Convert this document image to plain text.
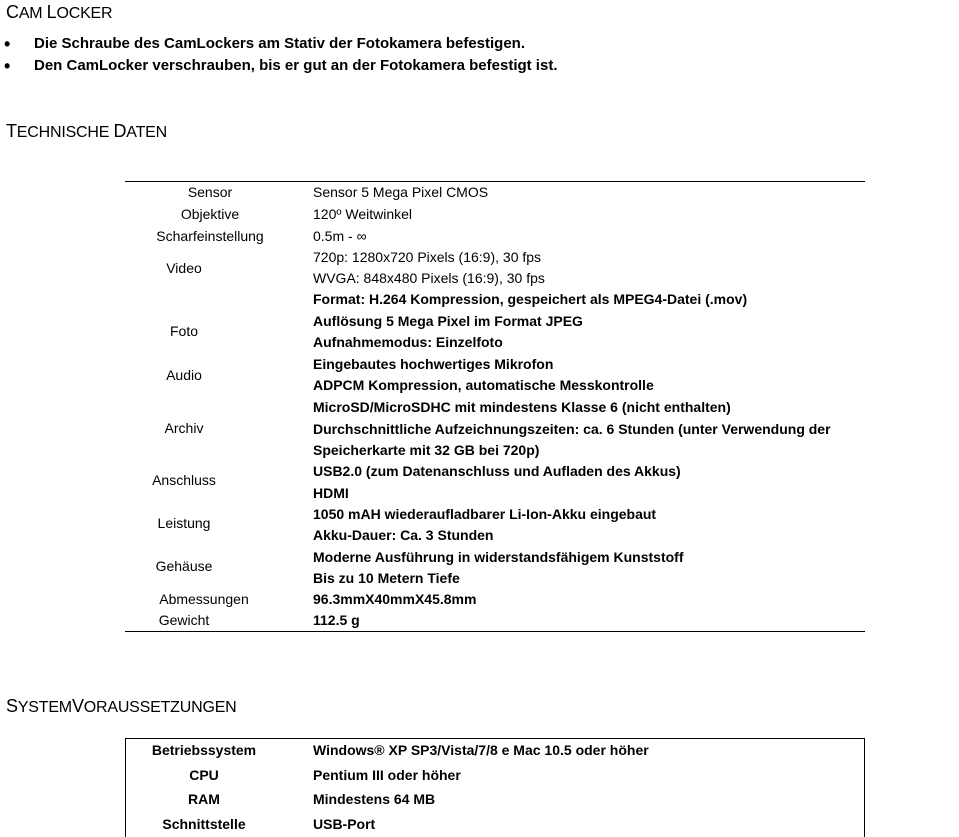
CAM LOCKER
• Die Schraube des CamLockers am Stativ der Fotokamera befestigen.
• Den CamLocker verschrauben, bis er gut an der Fotokamera befestigt ist.
TECHNISCHE DATEN
Sensor
Objektive
Scharfeinstellung
Video
Foto
Audio
Archiv
Anschluss
Leistung
Gehäuse
Abmessungen
Gewicht
Sensor 5 Mega Pixel CMOS
120º Weitwinkel
0.5m - ∞
720p: 1280x720 Pixels (16:9), 30 fps
WVGA: 848x480 Pixels (16:9), 30 fps
Format: H.264 Kompression, gespeichert als MPEG4-Datei (.mov)
Auflösung 5 Mega Pixel im Format JPEG
Aufnahmemodus: Einzelfoto
Eingebautes hochwertiges Mikrofon
ADPCM Kompression, automatische Messkontrolle
MicroSD/MicroSDHC mit mindestens Klasse 6 (nicht enthalten)
Durchschnittliche Aufzeichnungszeiten: ca. 6 Stunden (unter Verwendung der
Speicherkarte mit 32 GB bei 720p)
USB2.0 (zum Datenanschluss und Aufladen des Akkus)
HDMI
1050 mAH wiederaufladbarer Li-Ion-Akku eingebaut
Akku-Dauer: Ca. 3 Stunden
Moderne Ausführung in widerstandsfähigem Kunststoff
Bis zu 10 Metern Tiefe
96.3mmX40mmX45.8mm
112.5 g
SYSTEMVORAUSSETZUNGEN
Betriebssystem
CPU
RAM
Schnittstelle
Windows® XP SP3/Vista/7/8 e Mac 10.5 oder höher
Pentium III oder höher
Mindestens 64 MB
USB-Port
